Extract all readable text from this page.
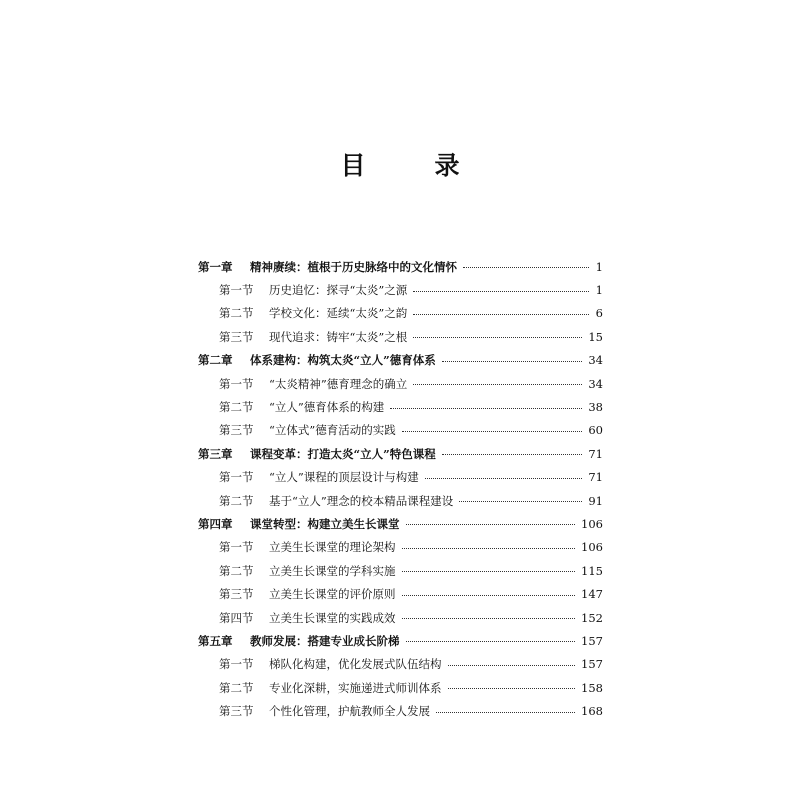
目　录
第一章	精神赓续：植根于历史脉络中的文化情怀	1
第一节	历史追忆：探寻“太炎”之源	1
第二节	学校文化：延续“太炎”之韵	6
第三节	现代追求：铸牢“太炎”之根	15
第二章	体系建构：构筑太炎“立人”德育体系	34
第一节	“太炎精神”德育理念的确立	34
第二节	“立人”德育体系的构建	38
第三节	“立体式”德育活动的实践	60
第三章	课程变革：打造太炎“立人”特色课程	71
第一节	“立人”课程的顶层设计与构建	71
第二节	基于“立人”理念的校本精品课程建设	91
第四章	课堂转型：构建立美生长课堂	106
第一节	立美生长课堂的理论架构	106
第二节	立美生长课堂的学科实施	115
第三节	立美生长课堂的评价原则	147
第四节	立美生长课堂的实践成效	152
第五章	教师发展：搭建专业成长阶梯	157
第一节	梯队化构建，优化发展式队伍结构	157
第二节	专业化深耕，实施递进式师训体系	158
第三节	个性化管理，护航教师全人发展	168
